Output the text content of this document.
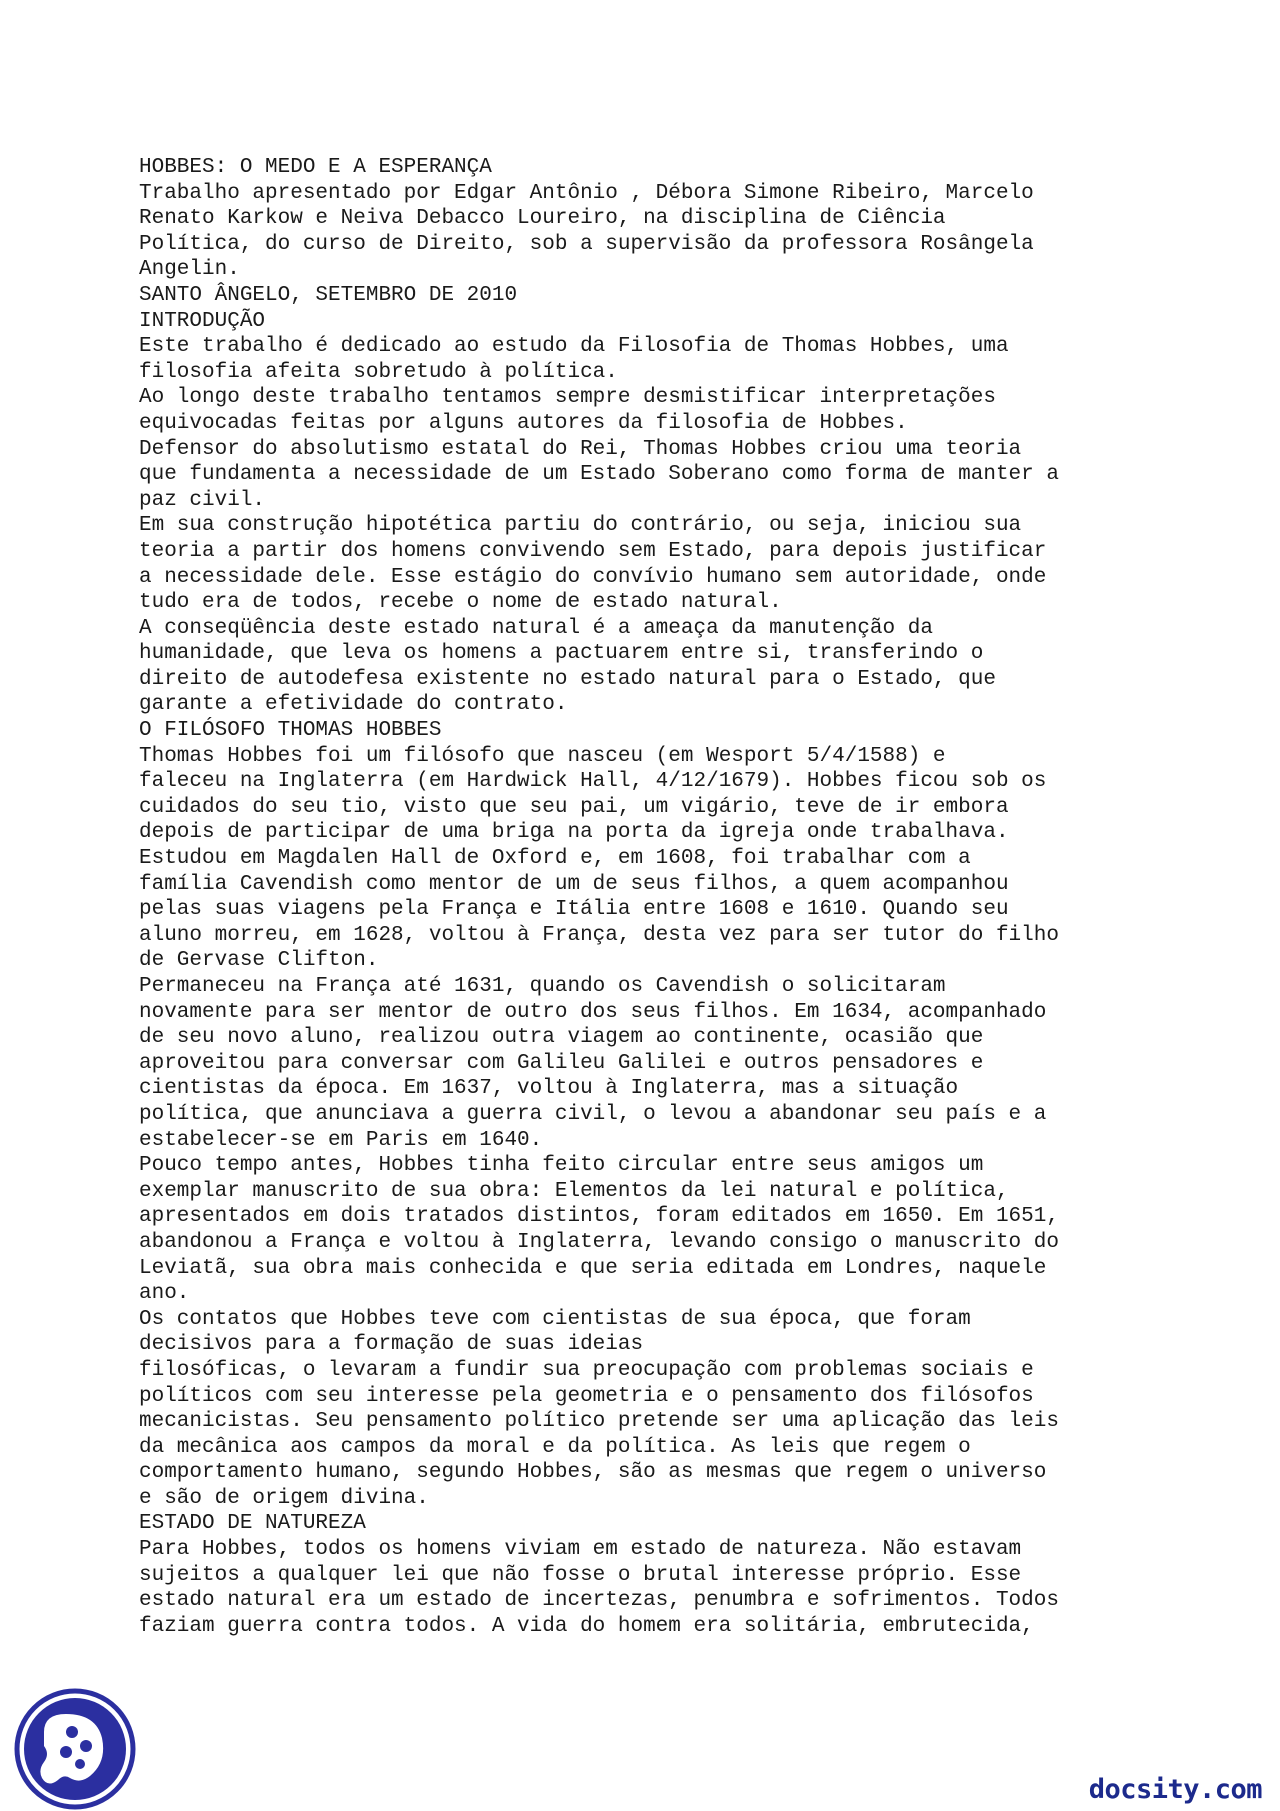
HOBBES: O MEDO E A ESPERANÇA
Trabalho apresentado por Edgar Antônio , Débora Simone Ribeiro, Marcelo
Renato Karkow e Neiva Debacco Loureiro, na disciplina de Ciência
Política, do curso de Direito, sob a supervisão da professora Rosângela
Angelin.
SANTO ÂNGELO, SETEMBRO DE 2010
INTRODUÇÃO
Este trabalho é dedicado ao estudo da Filosofia de Thomas Hobbes, uma
filosofia afeita sobretudo à política.
Ao longo deste trabalho tentamos sempre desmistificar interpretações
equivocadas feitas por alguns autores da filosofia de Hobbes.
Defensor do absolutismo estatal do Rei, Thomas Hobbes criou uma teoria
que fundamenta a necessidade de um Estado Soberano como forma de manter a
paz civil.
Em sua construção hipotética partiu do contrário, ou seja, iniciou sua
teoria a partir dos homens convivendo sem Estado, para depois justificar
a necessidade dele. Esse estágio do convívio humano sem autoridade, onde
tudo era de todos, recebe o nome de estado natural.
A conseqüência deste estado natural é a ameaça da manutenção da
humanidade, que leva os homens a pactuarem entre si, transferindo o
direito de autodefesa existente no estado natural para o Estado, que
garante a efetividade do contrato.
O FILÓSOFO THOMAS HOBBES
Thomas Hobbes foi um filósofo que nasceu (em Wesport 5/4/1588) e
faleceu na Inglaterra (em Hardwick Hall, 4/12/1679). Hobbes ficou sob os
cuidados do seu tio, visto que seu pai, um vigário, teve de ir embora
depois de participar de uma briga na porta da igreja onde trabalhava.
Estudou em Magdalen Hall de Oxford e, em 1608, foi trabalhar com a
família Cavendish como mentor de um de seus filhos, a quem acompanhou
pelas suas viagens pela França e Itália entre 1608 e 1610. Quando seu
aluno morreu, em 1628, voltou à França, desta vez para ser tutor do filho
de Gervase Clifton.
Permaneceu na França até 1631, quando os Cavendish o solicitaram
novamente para ser mentor de outro dos seus filhos. Em 1634, acompanhado
de seu novo aluno, realizou outra viagem ao continente, ocasião que
aproveitou para conversar com Galileu Galilei e outros pensadores e
cientistas da época. Em 1637, voltou à Inglaterra, mas a situação
política, que anunciava a guerra civil, o levou a abandonar seu país e a
estabelecer-se em Paris em 1640.
Pouco tempo antes, Hobbes tinha feito circular entre seus amigos um
exemplar manuscrito de sua obra: Elementos da lei natural e política,
apresentados em dois tratados distintos, foram editados em 1650. Em 1651,
abandonou a França e voltou à Inglaterra, levando consigo o manuscrito do
Leviatã, sua obra mais conhecida e que seria editada em Londres, naquele
ano.
Os contatos que Hobbes teve com cientistas de sua época, que foram
decisivos para a formação de suas ideias
filosóficas, o levaram a fundir sua preocupação com problemas sociais e
políticos com seu interesse pela geometria e o pensamento dos filósofos
mecanicistas. Seu pensamento político pretende ser uma aplicação das leis
da mecânica aos campos da moral e da política. As leis que regem o
comportamento humano, segundo Hobbes, são as mesmas que regem o universo
e são de origem divina.
ESTADO DE NATUREZA
Para Hobbes, todos os homens viviam em estado de natureza. Não estavam
sujeitos a qualquer lei que não fosse o brutal interesse próprio. Esse
estado natural era um estado de incertezas, penumbra e sofrimentos. Todos
faziam guerra contra todos. A vida do homem era solitária, embrutecida,
docsity.com
